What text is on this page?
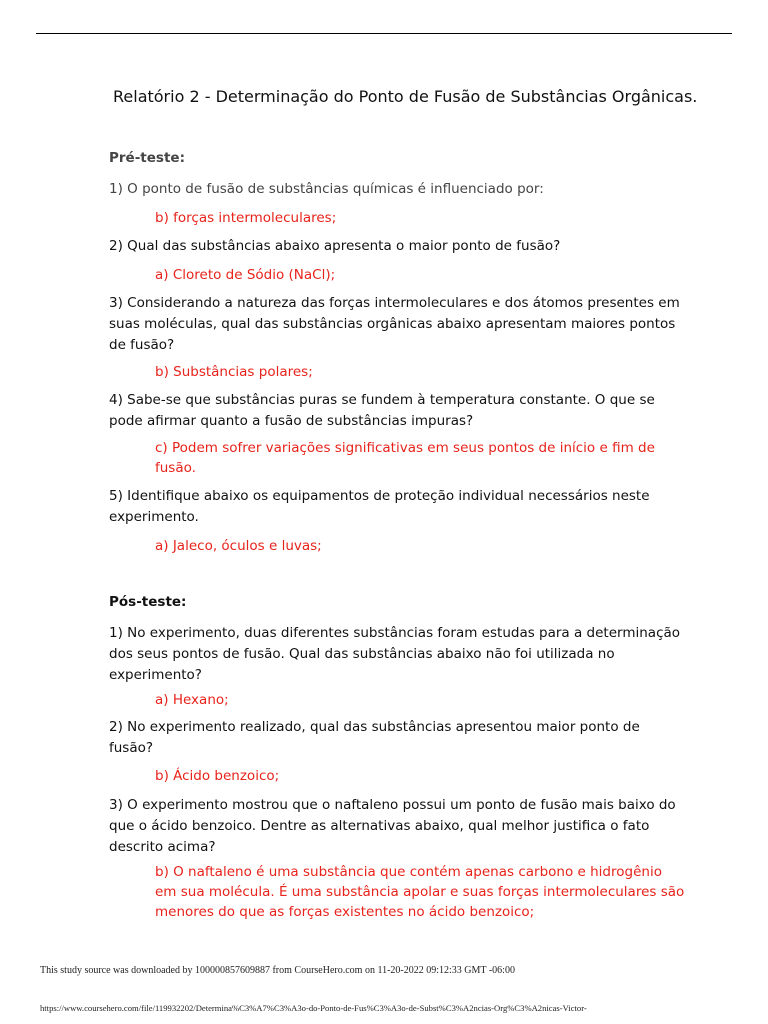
Relatório 2 - Determinação do Ponto de Fusão de Substâncias Orgânicas.

Pré-teste:

1) O ponto de fusão de substâncias químicas é influenciado por:

b) forças intermoleculares;

2) Qual das substâncias abaixo apresenta o maior ponto de fusão?

a) Cloreto de Sódio (NaCl);

3) Considerando a natureza das forças intermoleculares e dos átomos presentes em
suas moléculas, qual das substâncias orgânicas abaixo apresentam maiores pontos
de fusão?

b) Substâncias polares;

4) Sabe-se que substâncias puras se fundem à temperatura constante. O que se
pode afirmar quanto a fusão de substâncias impuras?

c) Podem sofrer variações significativas em seus pontos de início e fim de
fusão.

5) Identifique abaixo os equipamentos de proteção individual necessários neste
experimento.

a) Jaleco, óculos e luvas;

Pós-teste:

1) No experimento, duas diferentes substâncias foram estudas para a determinação
dos seus pontos de fusão. Qual das substâncias abaixo não foi utilizada no
experimento?

a) Hexano;

2) No experimento realizado, qual das substâncias apresentou maior ponto de
fusão?

b) Ácido benzoico;

3) O experimento mostrou que o naftaleno possui um ponto de fusão mais baixo do
que o ácido benzoico. Dentre as alternativas abaixo, qual melhor justifica o fato
descrito acima?

b) O naftaleno é uma substância que contém apenas carbono e hidrogênio
em sua molécula. É uma substância apolar e suas forças intermoleculares são
menores do que as forças existentes no ácido benzoico;

This study source was downloaded by 100000857609887 from CourseHero.com on 11-20-2022 09:12:33 GMT -06:00

https://www.coursehero.com/file/119932202/Determina%C3%A7%C3%A3o-do-Ponto-de-Fus%C3%A3o-de-Subst%C3%A2ncias-Org%C3%A2nicas-Victor-
